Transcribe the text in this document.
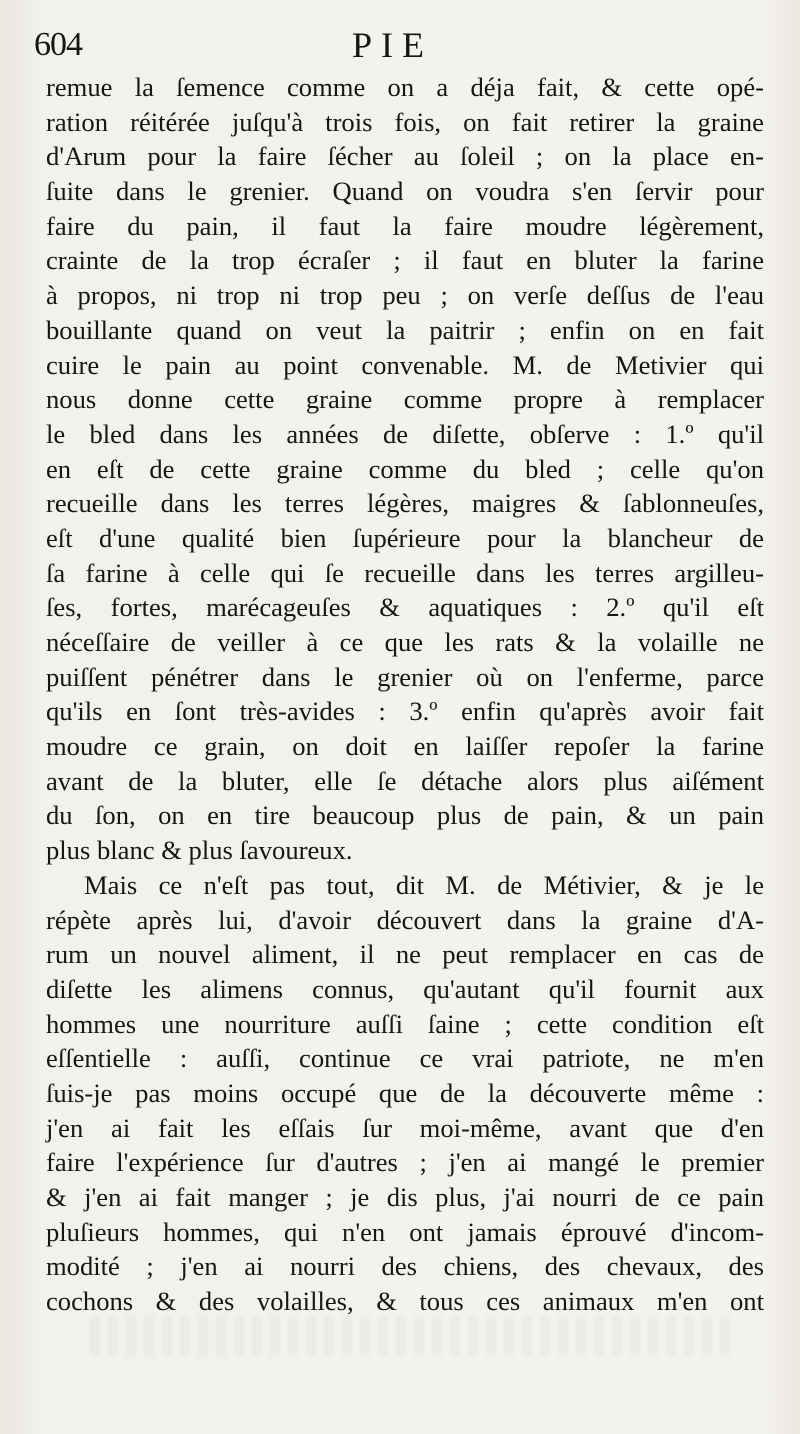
604	PIE
remue la ſemence comme on a déja fait, & cette opé-
ration réitérée juſqu'à trois fois, on fait retirer la graine
d'Arum pour la faire ſécher au ſoleil ; on la place en-
ſuite dans le grenier. Quand on voudra s'en ſervir pour
faire du pain, il faut la faire moudre légèrement,
crainte de la trop écraſer ; il faut en bluter la farine
à propos, ni trop ni trop peu ; on verſe deſſus de l'eau
bouillante quand on veut la paitrir ; enfin on en fait
cuire le pain au point convenable. M. de Metivier qui
nous donne cette graine comme propre à remplacer
le bled dans les années de diſette, obſerve : 1.º qu'il
en eſt de cette graine comme du bled ; celle qu'on
recueille dans les terres légères, maigres & ſablonneuſes,
eſt d'une qualité bien ſupérieure pour la blancheur de
ſa farine à celle qui ſe recueille dans les terres argilleu-
ſes, fortes, marécageuſes & aquatiques : 2.º qu'il eſt
néceſſaire de veiller à ce que les rats & la volaille ne
puiſſent pénétrer dans le grenier où on l'enferme, parce
qu'ils en ſont très-avides : 3.º enfin qu'après avoir fait
moudre ce grain, on doit en laiſſer repoſer la farine
avant de la bluter, elle ſe détache alors plus aiſément
du ſon, on en tire beaucoup plus de pain, & un pain
plus blanc & plus ſavoureux.
Mais ce n'eſt pas tout, dit M. de Métivier, & je le
répète après lui, d'avoir découvert dans la graine d'A-
rum un nouvel aliment, il ne peut remplacer en cas de
diſette les alimens connus, qu'autant qu'il fournit aux
hommes une nourriture auſſi ſaine ; cette condition eſt
eſſentielle : auſſi, continue ce vrai patriote, ne m'en
ſuis-je pas moins occupé que de la découverte même :
j'en ai fait les eſſais ſur moi-même, avant que d'en
faire l'expérience ſur d'autres ; j'en ai mangé le premier
& j'en ai fait manger ; je dis plus, j'ai nourri de ce pain
pluſieurs hommes, qui n'en ont jamais éprouvé d'incom-
modité ; j'en ai nourri des chiens, des chevaux, des
cochons & des volailles, & tous ces animaux m'en ont
